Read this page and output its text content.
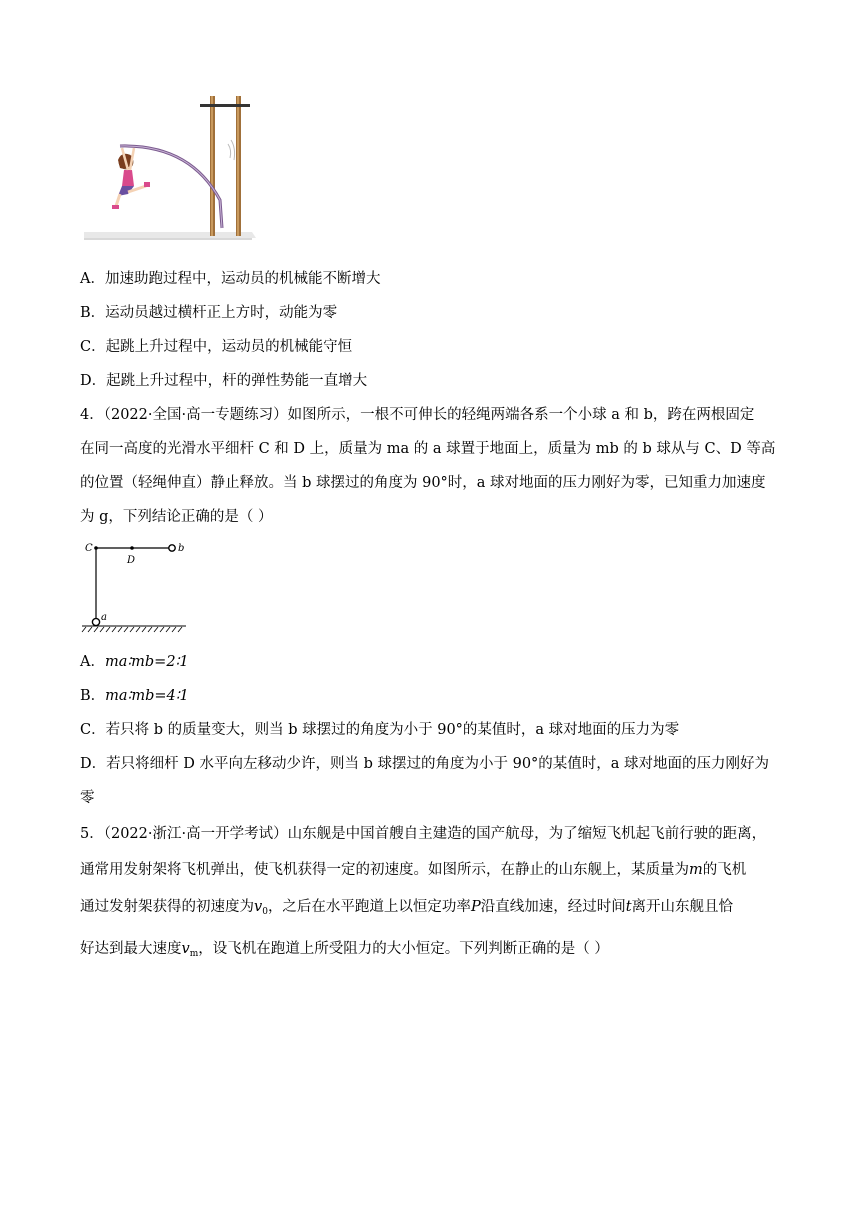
A．加速助跑过程中，运动员的机械能不断增大
B．运动员越过横杆正上方时，动能为零
C．起跳上升过程中，运动员的机械能守恒
D．起跳上升过程中，杆的弹性势能一直增大
4．（2022·全国·高一专题练习）如图所示，一根不可伸长的轻绳两端各系一个小球 a 和 b，跨在两根固定
在同一高度的光滑水平细杆 C 和 D 上，质量为 ma 的 a 球置于地面上，质量为 mb 的 b 球从与 C、D 等高
的位置（轻绳伸直）静止释放。当 b 球摆过的角度为 90°时，a 球对地面的压力刚好为零，已知重力加速度
为 g，下列结论正确的是（ ）
C
D
b
a
A．ma∶mb=2∶1
B．ma∶mb=4∶1
C．若只将 b 的质量变大，则当 b 球摆过的角度为小于 90°的某值时，a 球对地面的压力为零
D．若只将细杆 D 水平向左移动少许，则当 b 球摆过的角度为小于 90°的某值时，a 球对地面的压力刚好为
零
5．（2022·浙江·高一开学考试）山东舰是中国首艘自主建造的国产航母，为了缩短飞机起飞前行驶的距离，
通常用发射架将飞机弹出，使飞机获得一定的初速度。如图所示，在静止的山东舰上，某质量为m的飞机
通过发射架获得的初速度为$v_0$，之后在水平跑道上以恒定功率P沿直线加速，经过时间t离开山东舰且恰
好达到最大速度$v_m$，设飞机在跑道上所受阻力的大小恒定。下列判断正确的是（ ）
